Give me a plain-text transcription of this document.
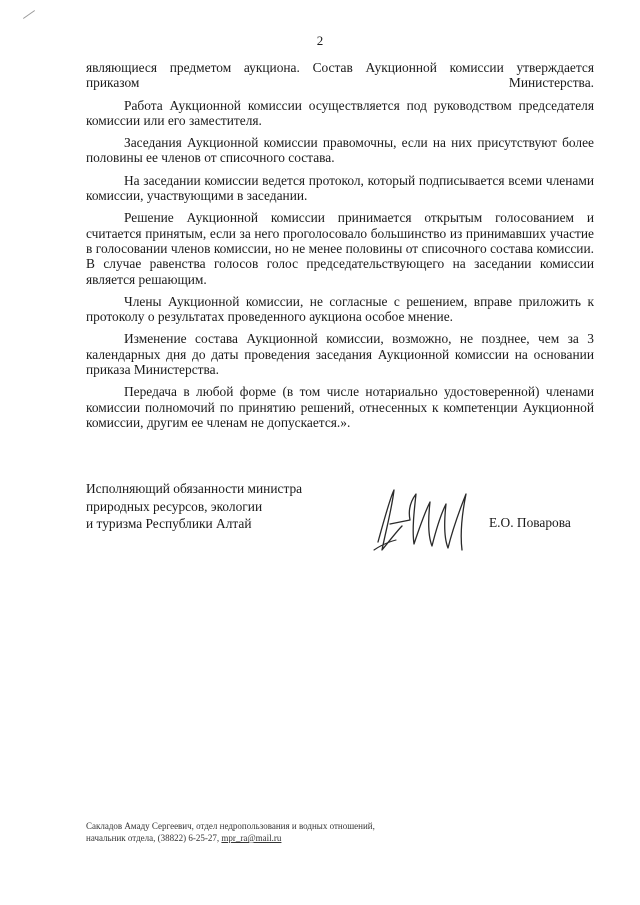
2

являющиеся предметом аукциона. Состав Аукционной комиссии утверждается приказом Министерства.

Работа Аукционной комиссии осуществляется под руководством председателя комиссии или его заместителя.

Заседания Аукционной комиссии правомочны, если на них присутствуют более половины ее членов от списочного состава.

На заседании комиссии ведется протокол, который подписывается всеми членами комиссии, участвующими в заседании.

Решение Аукционной комиссии принимается открытым голосованием и считается принятым, если за него проголосовало большинство из принимавших участие в голосовании членов комиссии, но не менее половины от списочного состава комиссии. В случае равенства голосов голос председательствующего на заседании комиссии является решающим.

Члены Аукционной комиссии, не согласные с решением, вправе приложить к протоколу о результатах проведенного аукциона особое мнение.

Изменение состава Аукционной комиссии, возможно, не позднее, чем за 3 календарных дня до даты проведения заседания Аукционной комиссии на основании приказа Министерства.

Передача в любой форме (в том числе нотариально удостоверенной) членами комиссии полномочий по принятию решений, отнесенных к компетенции Аукционной комиссии, другим ее членам не допускается.».

Исполняющий обязанности министра
природных ресурсов, экологии
и туризма Республики Алтай	Е.О. Поварова
Сакладов Амаду Сергеевич, отдел недропользования и водных отношений,
начальник отдела, (38822) 6-25-27, mpr_ra@mail.ru
